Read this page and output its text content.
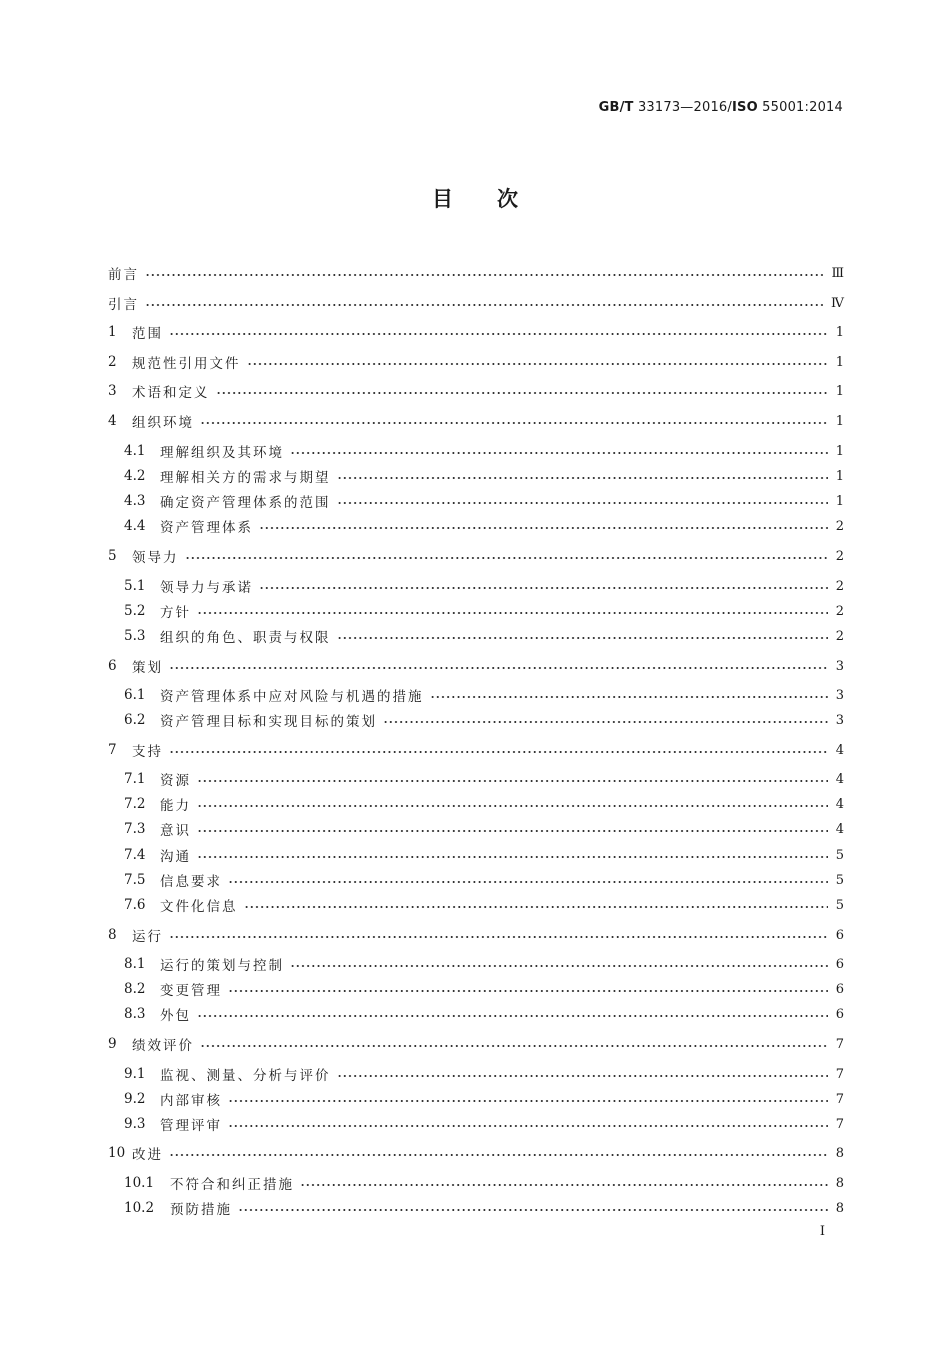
GB/T 33173—2016/ISO 55001:2014
目次
前言	Ⅲ
引言	Ⅳ
1	范围	1
2	规范性引用文件	1
3	术语和定义	1
4	组织环境	1
4.1	理解组织及其环境	1
4.2	理解相关方的需求与期望	1
4.3	确定资产管理体系的范围	1
4.4	资产管理体系	2
5	领导力	2
5.1	领导力与承诺	2
5.2	方针	2
5.3	组织的角色、职责与权限	2
6	策划	3
6.1	资产管理体系中应对风险与机遇的措施	3
6.2	资产管理目标和实现目标的策划	3
7	支持	4
7.1	资源	4
7.2	能力	4
7.3	意识	4
7.4	沟通	5
7.5	信息要求	5
7.6	文件化信息	5
8	运行	6
8.1	运行的策划与控制	6
8.2	变更管理	6
8.3	外包	6
9	绩效评价	7
9.1	监视、测量、分析与评价	7
9.2	内部审核	7
9.3	管理评审	7
10 改进	8
10.1	不符合和纠正措施	8
10.2	预防措施	8
Ⅰ
